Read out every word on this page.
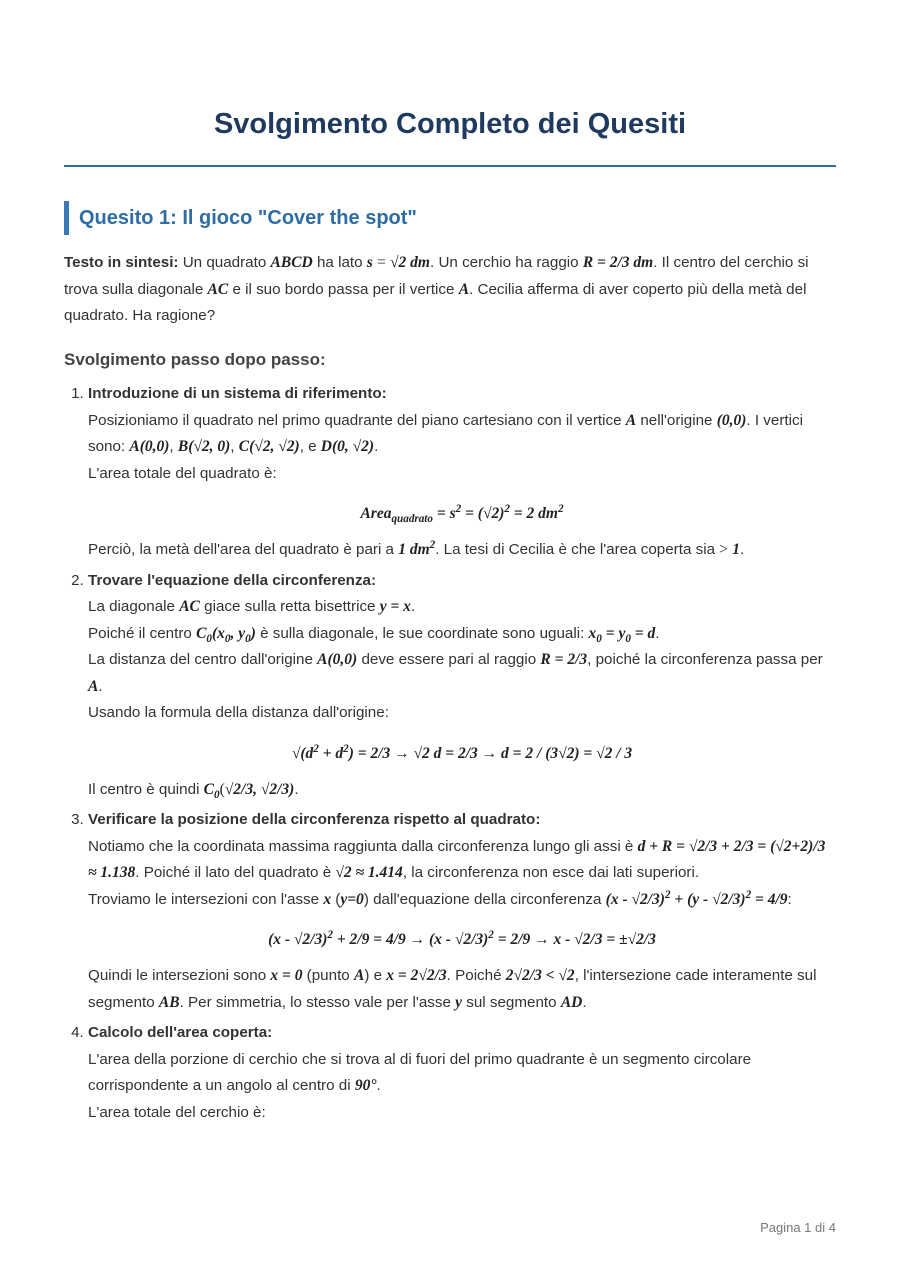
Svolgimento Completo dei Quesiti
Quesito 1: Il gioco "Cover the spot"

Testo in sintesi: Un quadrato ABCD ha lato s = √2 dm. Un cerchio ha raggio R = 2/3 dm. Il centro del cerchio si trova sulla diagonale AC e il suo bordo passa per il vertice A. Cecilia afferma di aver coperto più della metà del quadrato. Ha ragione?

Svolgimento passo dopo passo:
1. Introduzione di un sistema di riferimento:
Posizioniamo il quadrato nel primo quadrante del piano cartesiano con il vertice A nell'origine (0,0). I vertici sono: A(0,0), B(√2, 0), C(√2, √2), e D(0, √2).
L'area totale del quadrato è:
Area$_{quadrato}$ = $s^2 = (√2)^2 = 2$ $dm^2$
Perciò, la metà dell'area del quadrato è pari a 1 $dm^2$. La tesi di Cecilia è che l'area coperta sia > 1.
2. Trovare l'equazione della circonferenza:
La diagonale AC giace sulla retta bisettrice y = x.
Poiché il centro $C_0(x_0$, $y_0$) è sulla diagonale, le sue coordinate sono uguali: $x_0 = y_0 = d$.
La distanza del centro dall'origine A(0,0) deve essere pari al raggio R = 2/3, poiché la circonferenza passa per A.
Usando la formula della distanza dall'origine:
$√(d^2 + d^2) = 2/3 \to √2$ d = 2/3 → d = 2 / (3√2) = √2 / 3
Il centro è quindi $C_0(√2/3$, √2/3).
3. Verificare la posizione della circonferenza rispetto al quadrato:
Notiamo che la coordinata massima raggiunta dalla circonferenza lungo gli assi è d + R = √2/3 + 2/3 = (√2+2)/3 ≈ 1.138. Poiché il lato del quadrato è √2 ≈ 1.414, la circonferenza non esce dai lati superiori.
Troviamo le intersezioni con l'asse x (y=0) dall'equazione della circonferenza (x - √2/3)$^2$ + (y - √2/3)$^2$ = 4/9:
(x - √2/3)$^2$ + 2/9 = 4/9 → (x - √2/3)$^2$ = 2/9 → x - √2/3 = ±√2/3
Quindi le intersezioni sono x = 0 (punto A) e x = 2√2/3. Poiché 2√2/3 < √2, l'intersezione cade interamente sul segmento AB. Per simmetria, lo stesso vale per l'asse y sul segmento AD.
4. Calcolo dell'area coperta:
L'area della porzione di cerchio che si trova al di fuori del primo quadrante è un segmento circolare corrispondente a un angolo al centro di 90°.
L'area totale del cerchio è:
Pagina 1 di 4
